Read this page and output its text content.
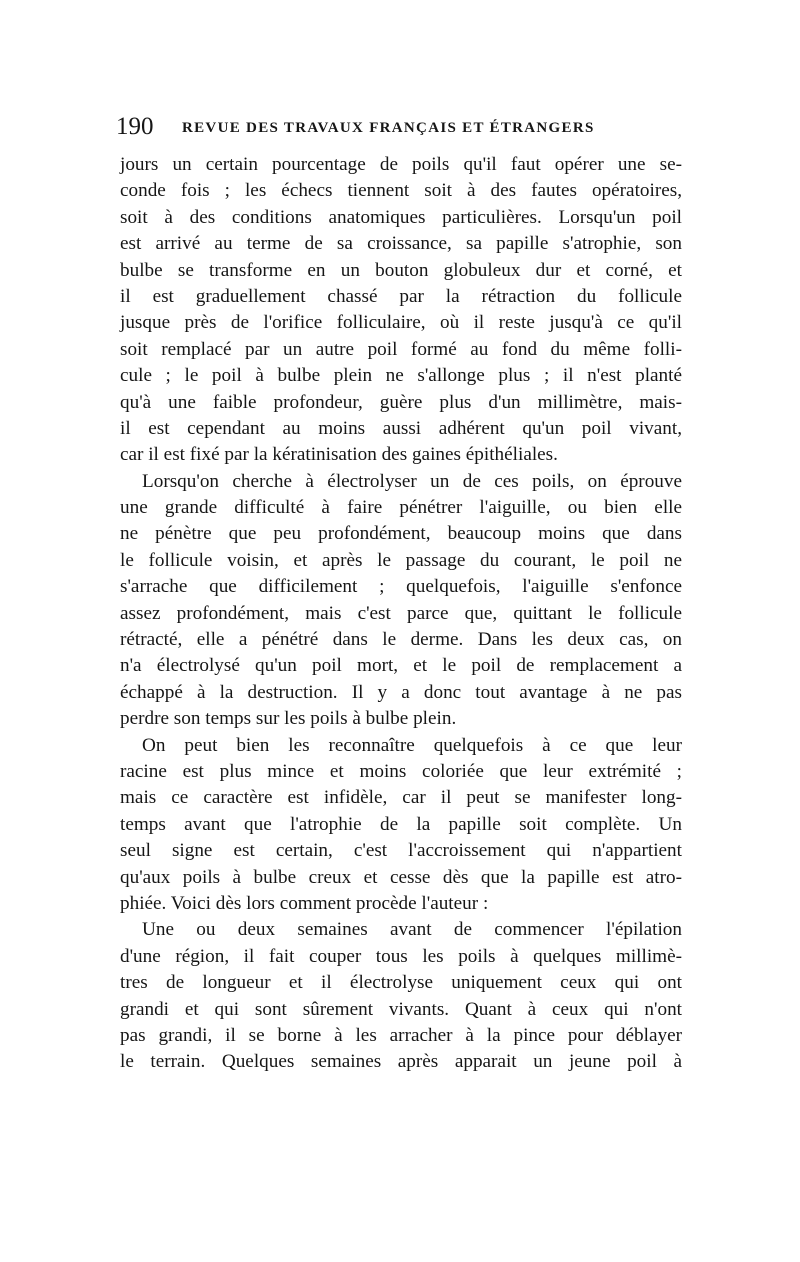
190 REVUE DES TRAVAUX FRANÇAIS ET ÉTRANGERS

jours un certain pourcentage de poils qu'il faut opérer une se-
conde fois ; les échecs tiennent soit à des fautes opératoires,
soit à des conditions anatomiques particulières. Lorsqu'un poil
est arrivé au terme de sa croissance, sa papille s'atrophie, son
bulbe se transforme en un bouton globuleux dur et corné, et
il est graduellement chassé par la rétraction du follicule
jusque près de l'orifice folliculaire, où il reste jusqu'à ce qu'il
soit remplacé par un autre poil formé au fond du même folli-
cule ; le poil à bulbe plein ne s'allonge plus ; il n'est planté
qu'à une faible profondeur, guère plus d'un millimètre, mais-
il est cependant au moins aussi adhérent qu'un poil vivant,
car il est fixé par la kératinisation des gaines épithéliales.

Lorsqu'on cherche à électrolyser un de ces poils, on éprouve
une grande difficulté à faire pénétrer l'aiguille, ou bien elle
ne pénètre que peu profondément, beaucoup moins que dans
le follicule voisin, et après le passage du courant, le poil ne
s'arrache que difficilement ; quelquefois, l'aiguille s'enfonce
assez profondément, mais c'est parce que, quittant le follicule
rétracté, elle a pénétré dans le derme. Dans les deux cas, on
n'a électrolysé qu'un poil mort, et le poil de remplacement a
échappé à la destruction. Il y a donc tout avantage à ne pas
perdre son temps sur les poils à bulbe plein.

On peut bien les reconnaître quelquefois à ce que leur
racine est plus mince et moins coloriée que leur extrémité ;
mais ce caractère est infidèle, car il peut se manifester long-
temps avant que l'atrophie de la papille soit complète. Un
seul signe est certain, c'est l'accroissement qui n'appartient
qu'aux poils à bulbe creux et cesse dès que la papille est atro-
phiée. Voici dès lors comment procède l'auteur :

Une ou deux semaines avant de commencer l'épilation
d'une région, il fait couper tous les poils à quelques millimè-
tres de longueur et il électrolyse uniquement ceux qui ont
grandi et qui sont sûrement vivants. Quant à ceux qui n'ont
pas grandi, il se borne à les arracher à la pince pour déblayer
le terrain. Quelques semaines après apparait un jeune poil à
